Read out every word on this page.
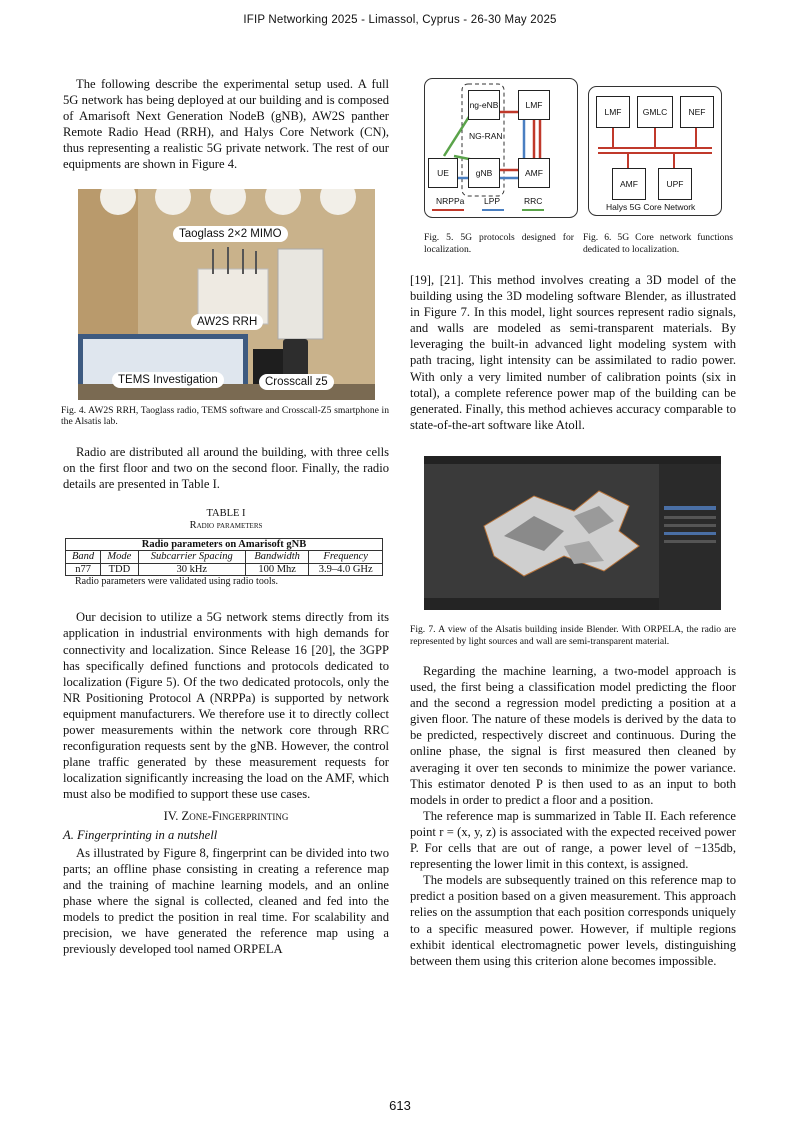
IFIP Networking 2025 - Limassol, Cyprus - 26-30 May 2025

The following describe the experimental setup used. A full 5G network has being deployed at our building and is composed of Amarisoft Next Generation NodeB (gNB), AW2S panther Remote Radio Head (RRH), and Halys Core Network (CN), thus representing a realistic 5G private network. The rest of our equipments are shown in Figure 4.

Fig. 4. AW2S RRH, Taoglass radio, TEMS software and Crosscall-Z5 smartphone in the Alsatis lab.

Radio are distributed all around the building, with three cells on the first floor and two on the second floor. Finally, the radio details are presented in Table I.

TABLE I
Radio parameters
Radio parameters on Amarisoft gNB				
Band	Mode	Subcarrier Spacing	Bandwidth	Frequency
n77	TDD	30 kHz	100 Mhz	3.9–4.0 GHz
Radio parameters were validated using radio tools.

Our decision to utilize a 5G network stems directly from its application in industrial environments with high demands for connectivity and localization. Since Release 16 [20], the 3GPP has specifically defined functions and protocols dedicated to localization (Figure 5). Of the two dedicated protocols, only the NR Positioning Protocol A (NRPPa) is supported by network equipment manufacturers. We therefore use it to directly collect power measurements within the network core through RRC reconfiguration requests sent by the gNB. However, the control plane traffic generated by these measurement requests for localization significantly increasing the load on the AMF, which must also be modified to support these use cases.

IV. Zone-Fingerprinting
A. Fingerprinting in a nutshell

As illustrated by Figure 8, fingerprint can be divided into two parts; an offline phase consisting in creating a reference map and the training of machine learning models, and an online phase where the signal is collected, cleaned and fed into the models to predict the position in real time. For scalability and precision, we have generated the reference map using a previously developed tool named ORPELA

Taoglass 2×2 MIMO
AW2S RRH
TEMS Investigation	Crosscall z5
ng-eNB	LMF
NG-RAN
UE	gNB	AMF
NRPPa LPP	RRC
Fig. 5. 5G protocols designed for localization.
LMF	GMLC	NEF
AMF	UPF
Halys 5G Core Network
Fig. 6. 5G Core network functions dedicated to localization.

[19], [21]. This method involves creating a 3D model of the building using the 3D modeling software Blender, as illustrated in Figure 7. In this model, light sources represent radio signals, and walls are modeled as semi-transparent materials. By leveraging the built-in advanced light modeling system with path tracing, light intensity can be assimilated to radio power. With only a very limited number of calibration points (six in total), a complete reference power map of the building can be generated. Finally, this method achieves accuracy comparable to state-of-the-art software like Atoll.

Fig. 7. A view of the Alsatis building inside Blender. With ORPELA, the radio are represented by light sources and wall are semi-transparent material.

Regarding the machine learning, a two-model approach is used, the first being a classification model predicting the floor and the second a regression model predicting a position at a given floor. The nature of these models is derived by the data to be predicted, respectively discreet and continuous. During the online phase, the signal is first measured then cleaned by averaging it over ten seconds to minimize the power variance. This estimator denoted P is then used to as an input to both models in order to predict a floor and a position.

The reference map is summarized in Table II. Each reference point r = (x, y, z) is associated with the expected received power P. For cells that are out of range, a power level of −135db, representing the lower limit in this context, is assigned.

The models are subsequently trained on this reference map to predict a position based on a given measurement. This approach relies on the assumption that each position corresponds uniquely to a specific measured power. However, if multiple regions exhibit identical electromagnetic power levels, distinguishing between them using this criterion alone becomes impossible.

613
